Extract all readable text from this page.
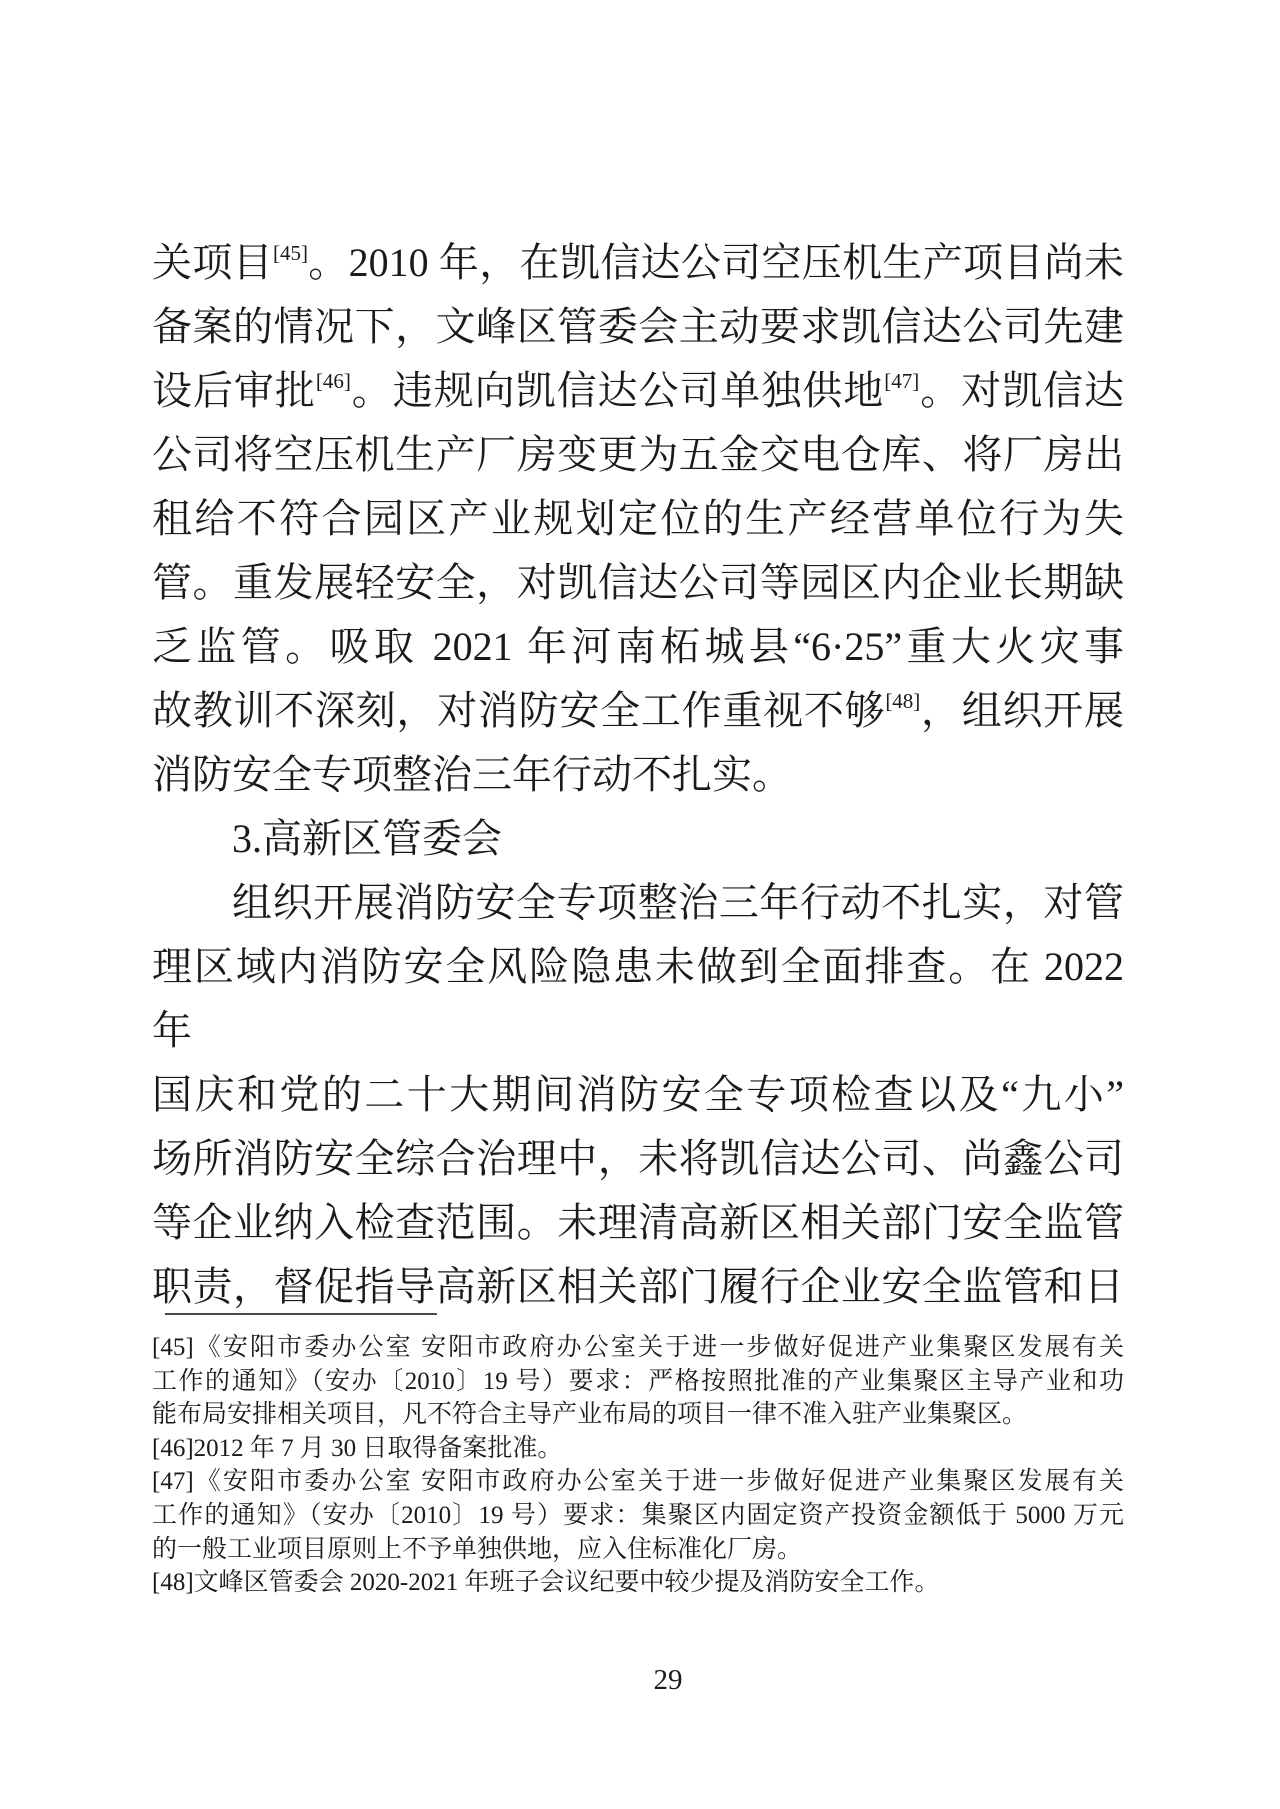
关项目[45]。2010 年，在凯信达公司空压机生产项目尚未
备案的情况下，文峰区管委会主动要求凯信达公司先建
设后审批[46]。违规向凯信达公司单独供地[47]。对凯信达
公司将空压机生产厂房变更为五金交电仓库、将厂房出
租给不符合园区产业规划定位的生产经营单位行为失
管。重发展轻安全，对凯信达公司等园区内企业长期缺
乏监管。吸取 2021 年河南柘城县“6·25”重大火灾事
故教训不深刻，对消防安全工作重视不够[48]，组织开展
消防安全专项整治三年行动不扎实。
3.高新区管委会
组织开展消防安全专项整治三年行动不扎实，对管
理区域内消防安全风险隐患未做到全面排查。在 2022 年
国庆和党的二十大期间消防安全专项检查以及“九小”
场所消防安全综合治理中，未将凯信达公司、尚鑫公司
等企业纳入检查范围。未理清高新区相关部门安全监管
职责，督促指导高新区相关部门履行企业安全监管和日
[45]《安阳市委办公室 安阳市政府办公室关于进一步做好促进产业集聚区发展有关
工作的通知》（安办〔2010〕19 号）要求：严格按照批准的产业集聚区主导产业和功
能布局安排相关项目，凡不符合主导产业布局的项目一律不准入驻产业集聚区。
[46]2012 年 7 月 30 日取得备案批准。
[47]《安阳市委办公室 安阳市政府办公室关于进一步做好促进产业集聚区发展有关
工作的通知》（安办〔2010〕19 号）要求：集聚区内固定资产投资金额低于 5000 万元
的一般工业项目原则上不予单独供地，应入住标准化厂房。
[48]文峰区管委会 2020-2021 年班子会议纪要中较少提及消防安全工作。
29
